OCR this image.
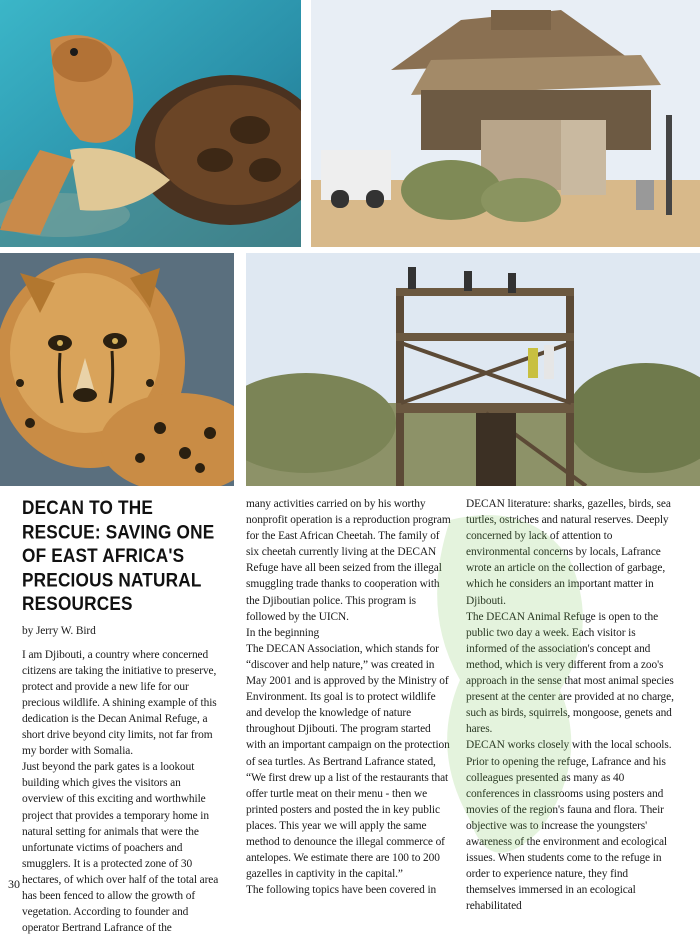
DECAN TO THE RESCUE: SAVING ONE OF EAST AFRICA'S PRECIOUS NATURAL RESOURCES
by Jerry W. Bird

I am Djibouti, a country where concerned citizens are taking the initiative to preserve, protect and provide a new life for our precious wildlife. A shining example of this dedication is the Decan Animal Refuge, a short drive beyond city limits, not far from my border with Somalia.

Just beyond the park gates is a lookout building which gives the visitors an overview of this exciting and worthwhile project that provides a temporary home in natural setting for animals that were the unfortunate victims of poachers and smugglers. It is a protected zone of 30 hectares, of which over half of the total area has been fenced to allow the growth of vegetation. According to founder and operator Bertrand Lafrance of the

many activities carried on by his worthy nonprofit operation is a reproduction program for the East African Cheetah. The family of six cheetah currently living at the DECAN Refuge have all been seized from the illegal smuggling trade thanks to cooperation with the Djiboutian police. This program is followed by the UICN.

In the beginning

The DECAN Association, which stands for “discover and help nature,” was created in May 2001 and is approved by the Ministry of Environment. Its goal is to protect wildlife and develop the knowledge of nature throughout Djibouti. The program started with an important campaign on the protection of sea turtles. As Bertrand Lafrance stated, “We first drew up a list of the restaurants that offer turtle meat on their menu - then we printed posters and posted the in key public places. This year we will apply the same method to denounce the illegal commerce of antelopes. We estimate there are 100 to 200 gazelles in captivity in the capital.”

The following topics have been covered in

DECAN literature: sharks, gazelles, birds, sea turtles, ostriches and natural reserves. Deeply concerned by lack of attention to environmental concerns by locals, Lafrance wrote an article on the collection of garbage, which he considers an important matter in Djibouti.

The DECAN Animal Refuge is open to the public two day a week. Each visitor is informed of the association's concept and method, which is very different from a zoo's approach in the sense that most animal species present at the center are provided at no charge, such as birds, squirrels, mongoose, genets and hares.

DECAN works closely with the local schools. Prior to opening the refuge, Lafrance and his colleagues presented as many as 40 conferences in classrooms using posters and movies of the region's fauna and flora. Their objective was to increase the youngsters' awareness of the environment and ecological issues. When students come to the refuge in order to experience nature, they find themselves immersed in an ecological rehabilitated

30
